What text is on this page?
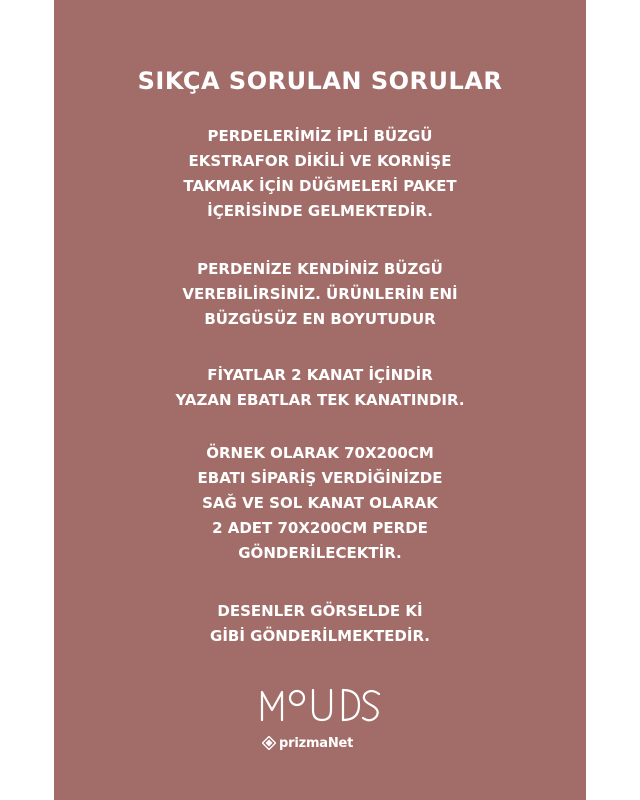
SIKÇA SORULAN SORULAR
PERDELERİMİZ İPLİ BÜZGÜ
EKSTRAFOR DİKİLİ VE KORNİŞE
TAKMAK İÇİN DÜĞMELERİ PAKET
İÇERİSİNDE GELMEKTEDİR.
PERDENİZE KENDİNİZ BÜZGÜ
VEREBİLİRSİNİZ. ÜRÜNLERİN ENİ
BÜZGÜSÜZ EN BOYUTUDUR
FİYATLAR 2 KANAT İÇİNDİR
YAZAN EBATLAR TEK KANATINDIR.
ÖRNEK OLARAK 70X200CM
EBATI SİPARİŞ VERDİĞİNİZDE
SAĞ VE SOL KANAT OLARAK
2 ADET 70X200CM PERDE
GÖNDERİLECEKTİR.
DESENLER GÖRSELDE Kİ
GİBİ GÖNDERİLMEKTEDİR.
prizmaNet
